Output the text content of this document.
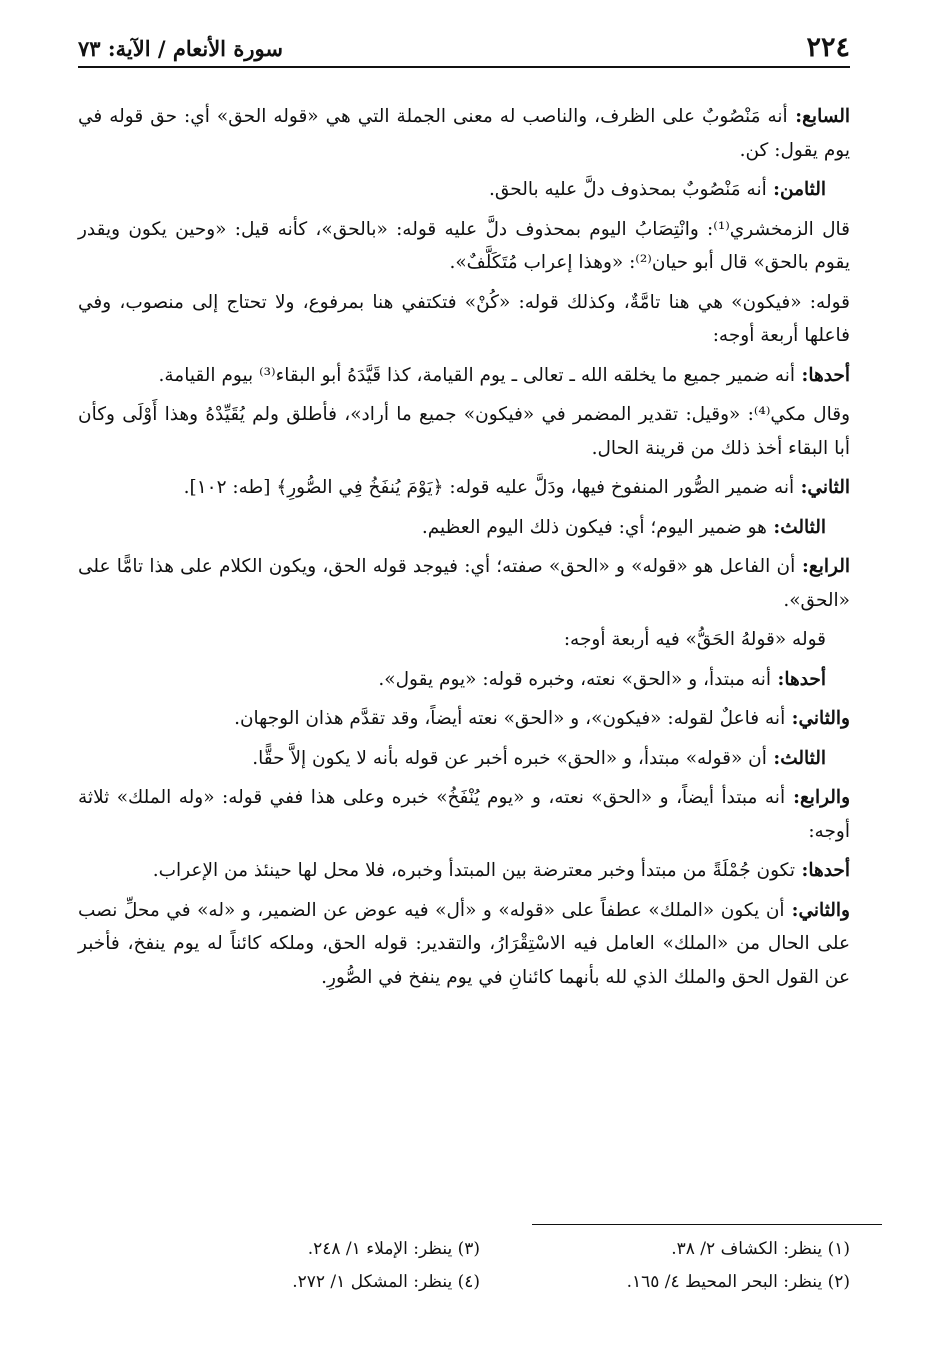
٢٢٤
سورة الأنعام / الآية: ٧٣

السابع: أنه مَنْصُوبٌ على الظرف، والناصب له معنى الجملة التي هي «قوله الحق» أي: حق قوله في يوم يقول: كن.

الثامن: أنه مَنْصُوبٌ بمحذوف دلَّ عليه بالحق.

قال الزمخشري⁽¹⁾: وانْتِصَابُ اليوم بمحذوف دلَّ عليه قوله: «بالحق»، كأنه قيل: «وحين يكون ويقدر يقوم بالحق» قال أبو حيان⁽²⁾: «وهذا إعراب مُتَكَلَّفٌ».

قوله: «فيكون» هي هنا تامَّةٌ، وكذلك قوله: «كُنْ» فتكتفي هنا بمرفوع، ولا تحتاج إلى منصوب، وفي فاعلها أربعة أوجه:

أحدها: أنه ضمير جميع ما يخلقه الله ـ تعالى ـ يوم القيامة، كذا قَيَّدَهُ أبو البقاء⁽³⁾ بيوم القيامة.

وقال مكي⁽⁴⁾: «وقيل: تقدير المضمر في «فيكون» جميع ما أراد»، فأطلق ولم يُقَيِّدْهُ وهذا أَوْلَى وكأن أبا البقاء أخذ ذلك من قرينة الحال.

الثاني: أنه ضمير الصُّور المنفوخ فيها، ودَلَّ عليه قوله: ﴿يَوْمَ يُنفَخُ فِي الصُّورِ﴾ [طه: ١٠٢].

الثالث: هو ضمير اليوم؛ أي: فيكون ذلك اليوم العظيم.

الرابع: أن الفاعل هو «قوله» و «الحق» صفته؛ أي: فيوجد قوله الحق، ويكون الكلام على هذا تامًّا على «الحق».

قوله «قولهُ الحَقُّ» فيه أربعة أوجه:

أحدها: أنه مبتدأ، و «الحق» نعته، وخبره قوله: «يوم يقول».

والثاني: أنه فاعلٌ لقوله: «فيكون»، و «الحق» نعته أيضاً، وقد تقدَّم هذان الوجهان.

الثالث: أن «قوله» مبتدأ، و «الحق» خبره أخبر عن قوله بأنه لا يكون إلاَّ حقًّا.

والرابع: أنه مبتدأ أيضاً، و «الحق» نعته، و «يوم يُنْفَخُ» خبره وعلى هذا ففي قوله: «وله الملك» ثلاثة أوجه:

أحدها: تكون جُمْلَةً من مبتدأ وخبر معترضة بين المبتدأ وخبره، فلا محل لها حينئذ من الإعراب.

والثاني: أن يكون «الملك» عطفاً على «قوله» و «أل» فيه عوض عن الضمير، و «له» في محلِّ نصب على الحال من «الملك» العامل فيه الاسْتِقْرَارُ، والتقدير: قوله الحق، وملكه كائناً له يوم ينفخ، فأخبر عن القول الحق والملك الذي لله بأنهما كائنانِ في يوم ينفخ في الصُّورِ.

(١) ينظر: الكشاف ٢/ ٣٨.
(٣) ينظر: الإملاء ١/ ٢٤٨.
(٢) ينظر: البحر المحيط ٤/ ١٦٥.
(٤) ينظر: المشكل ١/ ٢٧٢.
